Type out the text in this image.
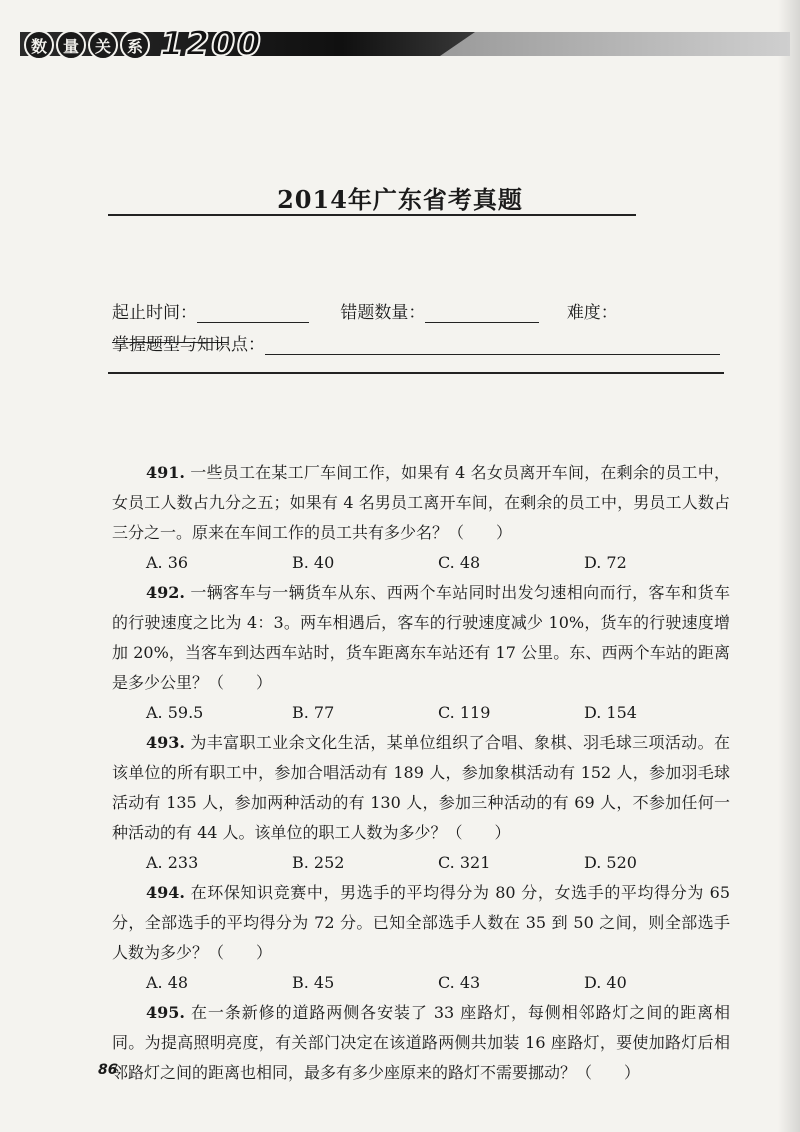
数 量 关 系 1200
2014年广东省考真题
起止时间：	错题数量：	难度：
掌握题型与知识点：

491. 一些员工在某工厂车间工作，如果有 4 名女员离开车间，在剩余的员工中，女员工人数占九分之五；如果有 4 名男员工离开车间，在剩余的员工中，男员工人数占三分之一。原来在车间工作的员工共有多少名？（　　）

A. 36	B. 40	C. 48	D. 72

492. 一辆客车与一辆货车从东、西两个车站同时出发匀速相向而行，客车和货车的行驶速度之比为 4：3。两车相遇后，客车的行驶速度减少 10%，货车的行驶速度增加 20%，当客车到达西车站时，货车距离东车站还有 17 公里。东、西两个车站的距离是多少公里？（　　）

A. 59.5	B. 77	C. 119	D. 154

493. 为丰富职工业余文化生活，某单位组织了合唱、象棋、羽毛球三项活动。在该单位的所有职工中，参加合唱活动有 189 人，参加象棋活动有 152 人，参加羽毛球活动有 135 人，参加两种活动的有 130 人，参加三种活动的有 69 人，不参加任何一种活动的有 44 人。该单位的职工人数为多少？（　　）

A. 233	B. 252	C. 321	D. 520

494. 在环保知识竞赛中，男选手的平均得分为 80 分，女选手的平均得分为 65 分，全部选手的平均得分为 72 分。已知全部选手人数在 35 到 50 之间，则全部选手人数为多少？（　　）

A. 48	B. 45	C. 43	D. 40

495. 在一条新修的道路两侧各安装了 33 座路灯，每侧相邻路灯之间的距离相同。为提高照明亮度，有关部门决定在该道路两侧共加装 16 座路灯，要使加路灯后相邻路灯之间的距离也相同，最多有多少座原来的路灯不需要挪动？（　　）

86
